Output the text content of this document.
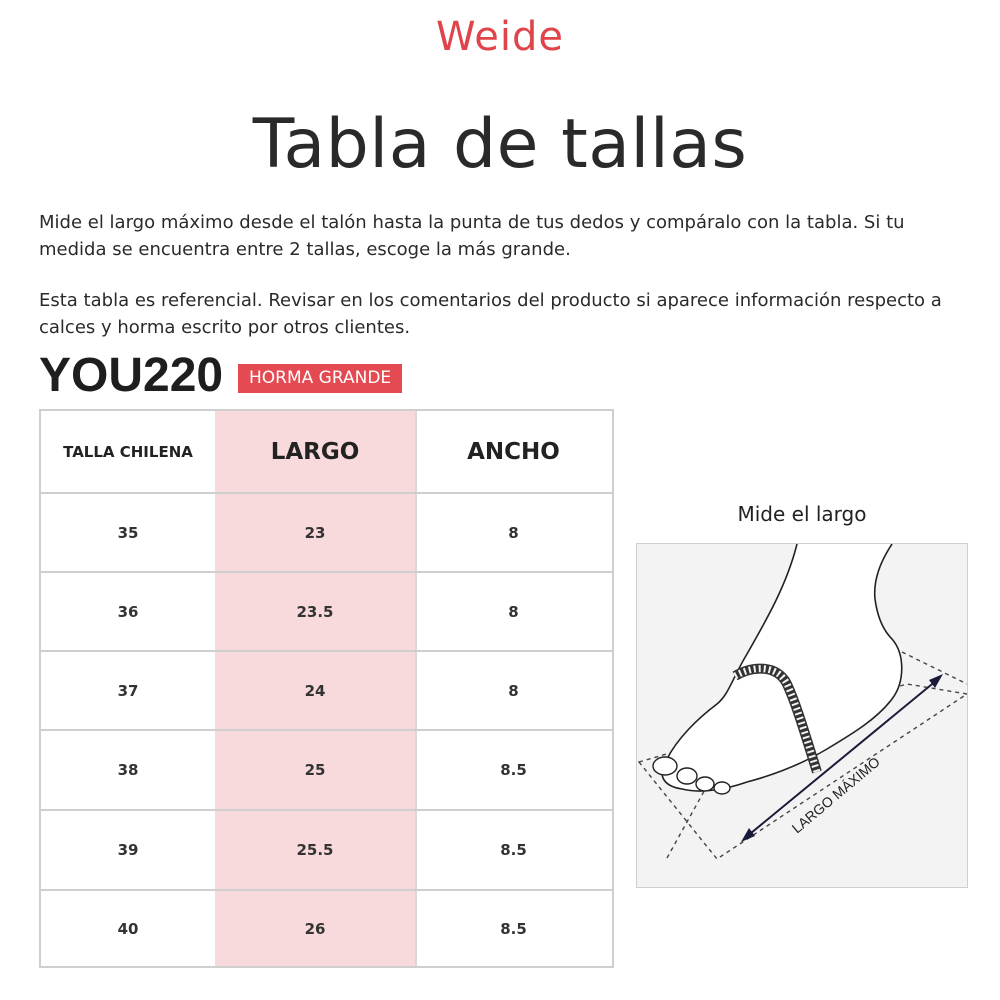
Weide
Tabla de tallas
Mide el largo máximo desde el talón hasta la punta de tus dedos y compáralo con la tabla. Si tu medida se encuentra entre 2 tallas, escoge la más grande.
Esta tabla es referencial. Revisar en los comentarios del producto si aparece información respecto a calces y horma escrito por otros clientes.
YOU220	HORMA GRANDE
TALLA CHILENA	LARGO	ANCHO
35	23	8
36	23.5	8
37	24	8
38	25	8.5
39	25.5	8.5
40	26	8.5
Mide el largo
LARGO MÁXIMO
